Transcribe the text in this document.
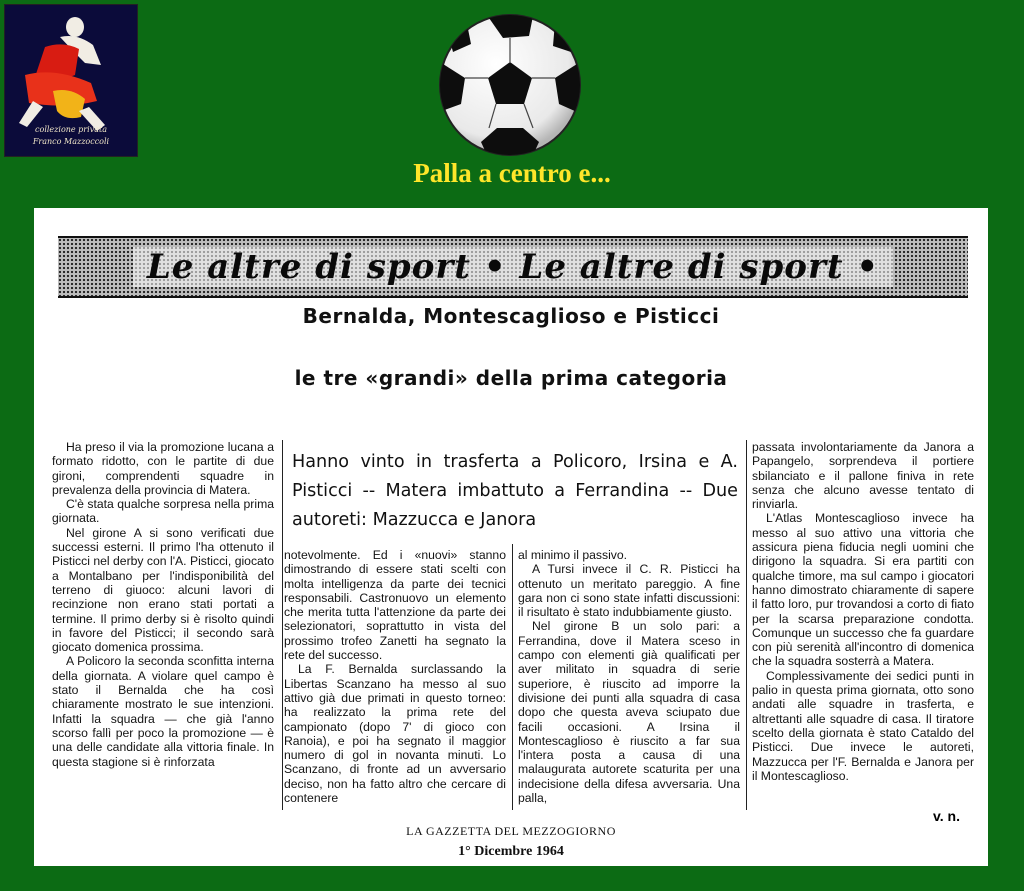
collezione privata
Franco Mazzoccoli
Palla a centro e...
Le altre di sport • Le altre di sport •
Bernalda, Montescaglioso e Pisticci
le tre «grandi» della prima categoria

Ha preso il via la promozione lucana a formato ridotto, con le partite di due gironi, comprendenti squadre in prevalenza della provincia di Matera.

C'è stata qualche sorpresa nella prima giornata.

Nel girone A si sono verificati due successi esterni. Il primo l'ha ottenuto il Pisticci nel derby con l'A. Pisticci, giocato a Montalbano per l'indisponibilità del terreno di giuoco: alcuni lavori di recinzione non erano stati portati a termine. Il primo derby si è risolto quindi in favore del Pisticci; il secondo sarà giocato domenica prossima.

A Policoro la seconda sconfitta interna della giornata. A violare quel campo è stato il Bernalda che ha così chiaramente mostrato le sue intenzioni. Infatti la squadra — che già l'anno scorso fallì per poco la promozione — è una delle candidate alla vittoria finale. In questa stagione si è rinforzata

Hanno vinto in trasferta a Policoro, Irsina e A. Pisticci -- Matera imbattuto a Ferrandina -- Due autoreti: Mazzucca e Janora

notevolmente. Ed i «nuovi» stanno dimostrando di essere stati scelti con molta intelligenza da parte dei tecnici responsabili. Castronuovo un elemento che merita tutta l'attenzione da parte dei selezionatori, soprattutto in vista del prossimo trofeo Zanetti ha segnato la rete del successo.

La F. Bernalda surclassando la Libertas Scanzano ha messo al suo attivo già due primati in questo torneo: ha realizzato la prima rete del campionato (dopo 7' di gioco con Ranoia), e poi ha segnato il maggior numero di gol in novanta minuti. Lo Scanzano, di fronte ad un avversario deciso, non ha fatto altro che cercare di contenere

al minimo il passivo.

A Tursi invece il C. R. Pisticci ha ottenuto un meritato pareggio. A fine gara non ci sono state infatti discussioni: il risultato è stato indubbiamente giusto.

Nel girone B un solo pari: a Ferrandina, dove il Matera sceso in campo con elementi già qualificati per aver militato in squadra di serie superiore, è riuscito ad imporre la divisione dei punti alla squadra di casa dopo che questa aveva sciupato due facili occasioni. A Irsina il Montescaglioso è riuscito a far sua l'intera posta a causa di una malaugurata autorete scaturita per una indecisione della difesa avversaria. Una palla,

passata involontariamente da Janora a Papangelo, sorprendeva il portiere sbilanciato e il pallone finiva in rete senza che alcuno avesse tentato di rinviarla.

L'Atlas Montescaglioso invece ha messo al suo attivo una vittoria che assicura piena fiducia negli uomini che dirigono la squadra. Si era partiti con qualche timore, ma sul campo i giocatori hanno dimostrato chiaramente di sapere il fatto loro, pur trovandosi a corto di fiato per la scarsa preparazione condotta. Comunque un successo che fa guardare con più serenità all'incontro di domenica che la squadra sosterrà a Matera.

Complessivamente dei sedici punti in palio in questa prima giornata, otto sono andati alle squadre in trasferta, e altrettanti alle squadre di casa. Il tiratore scelto della giornata è stato Cataldo del Pisticci. Due invece le autoreti, Mazzucca per l'F. Bernalda e Janora per il Montescaglioso.

v. n.
LA GAZZETTA DEL MEZZOGIORNO
1° Dicembre 1964
